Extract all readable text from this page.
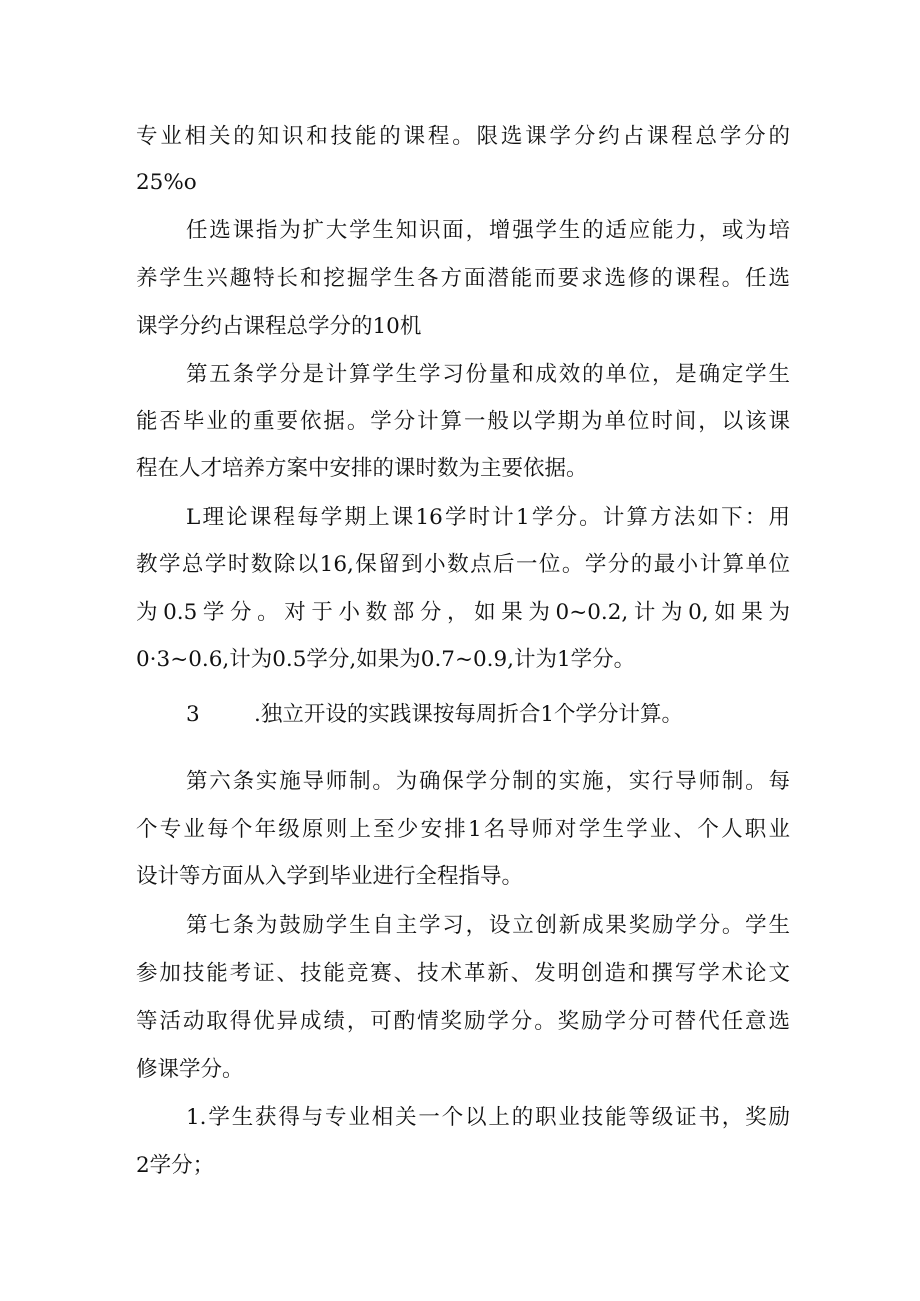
专业相关的知识和技能的课程。限选课学分约占课程总学分的
25%o
任选课指为扩大学生知识面，增强学生的适应能力，或为培
养学生兴趣特长和挖掘学生各方面潜能而要求选修的课程。任选
课学分约占课程总学分的10机
第五条学分是计算学生学习份量和成效的单位，是确定学生
能否毕业的重要依据。学分计算一般以学期为单位时间，以该课
程在人才培养方案中安排的课时数为主要依据。
L理论课程每学期上课16学时计1学分。计算方法如下：用
教学总学时数除以16,保留到小数点后一位。学分的最小计算单位
为0.5学分。对于小数部分，如果为0~0.2,计为0,如果为
0·3~0.6,计为0.5学分,如果为0.7~0.9,计为1学分。
3	.独立开设的实践课按每周折合1个学分计算。
第六条实施导师制。为确保学分制的实施，实行导师制。每
个专业每个年级原则上至少安排1名导师对学生学业、个人职业
设计等方面从入学到毕业进行全程指导。
第七条为鼓励学生自主学习，设立创新成果奖励学分。学生
参加技能考证、技能竞赛、技术革新、发明创造和撰写学术论文
等活动取得优异成绩，可酌情奖励学分。奖励学分可替代任意选
修课学分。
1.学生获得与专业相关一个以上的职业技能等级证书，奖励
2学分；
